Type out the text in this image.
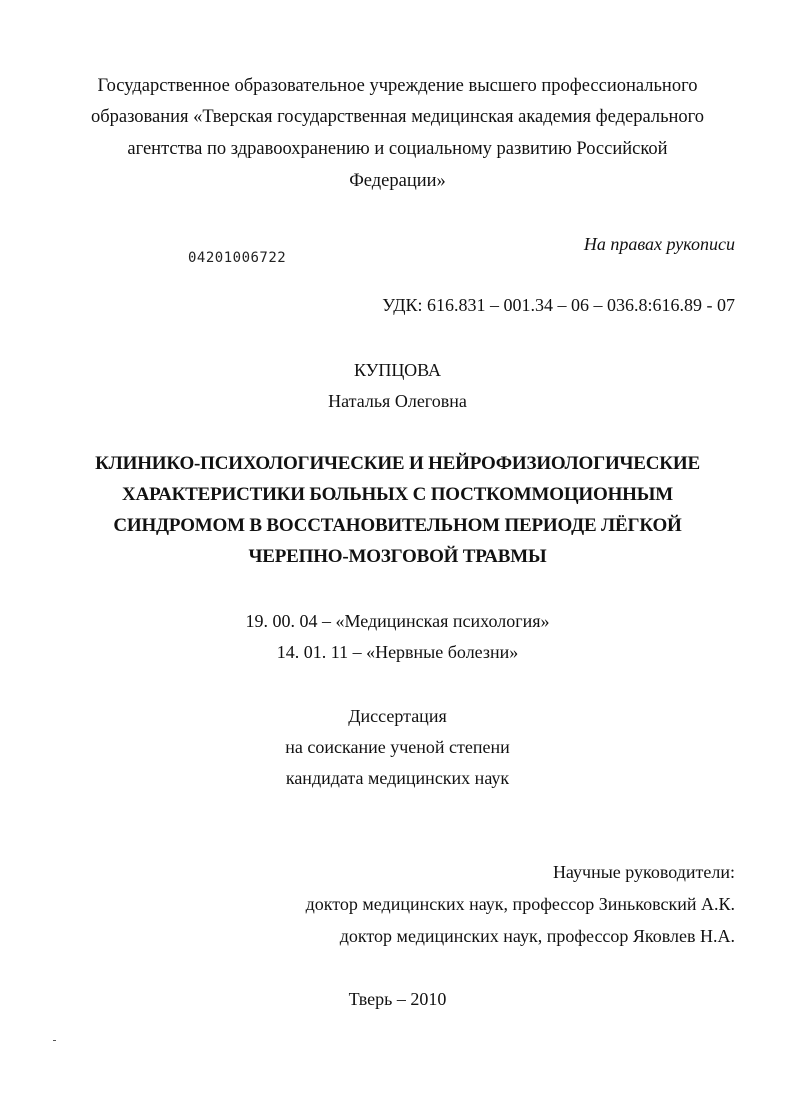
Государственное образовательное учреждение высшего профессионального
образования «Тверская государственная медицинская академия федерального
агентства по здравоохранению и социальному развитию Российской
Федерации»
04201006722
На правах рукописи
УДК: 616.831 – 001.34 – 06 – 036.8:616.89 - 07
КУПЦОВА
Наталья Олеговна
КЛИНИКО-ПСИХОЛОГИЧЕСКИЕ И НЕЙРОФИЗИОЛОГИЧЕСКИЕ
ХАРАКТЕРИСТИКИ БОЛЬНЫХ С ПОСТКОММОЦИОННЫМ
СИНДРОМОМ В ВОССТАНОВИТЕЛЬНОМ ПЕРИОДЕ ЛЁГКОЙ
ЧЕРЕПНО-МОЗГОВОЙ ТРАВМЫ
19. 00. 04 – «Медицинская психология»
14. 01. 11 – «Нервные болезни»
Диссертация
на соискание ученой степени
кандидата медицинских наук
Научные руководители:
доктор медицинских наук, профессор Зиньковский А.К.
доктор медицинских наук, профессор Яковлев Н.А.
Тверь – 2010
